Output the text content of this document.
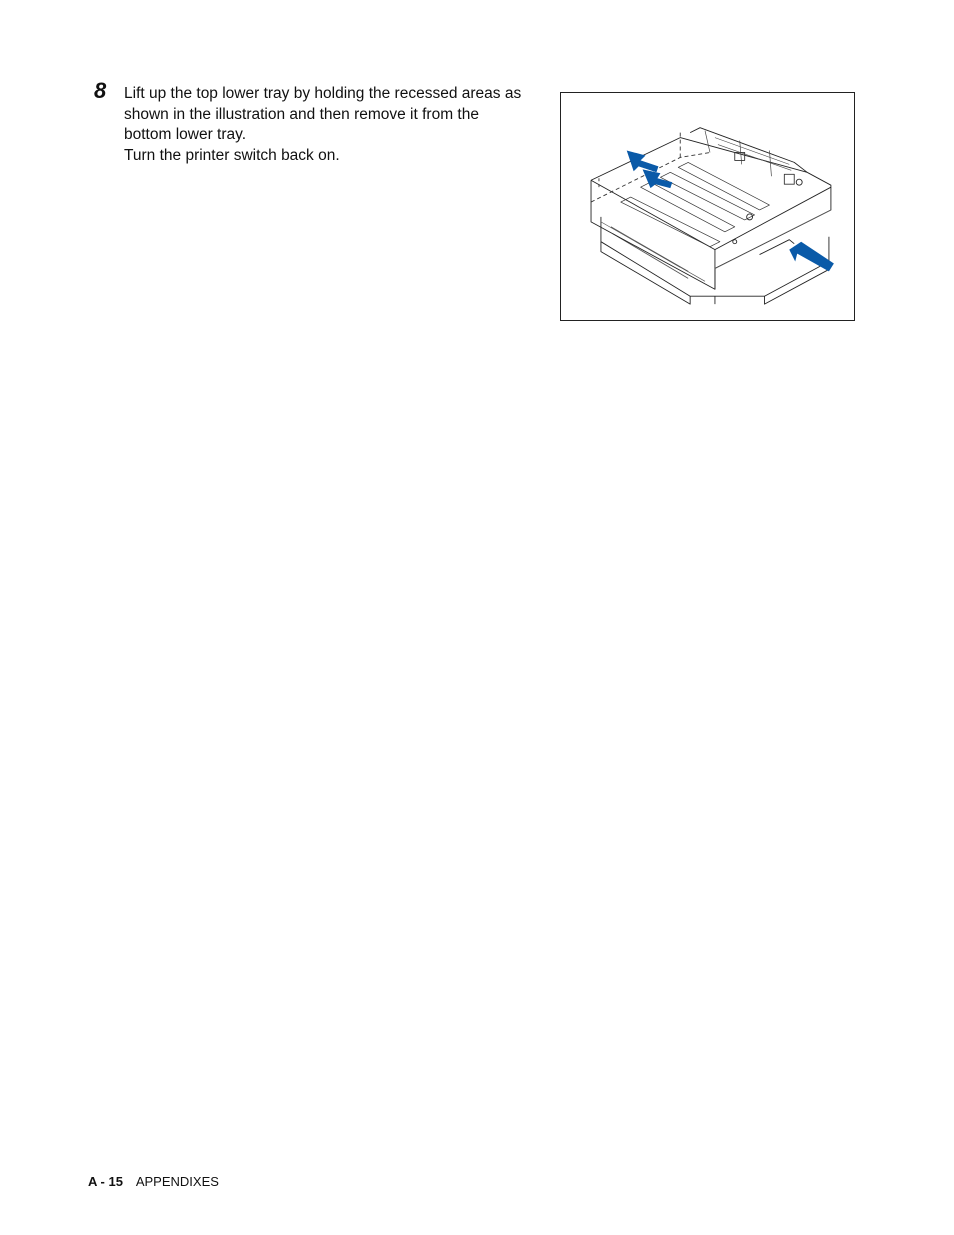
8 Lift up the top lower tray by holding the recessed areas as

shown in the illustration and then remove it from the

bottom lower tray.

Turn the printer switch back on.

A - 15 APPENDIXES
